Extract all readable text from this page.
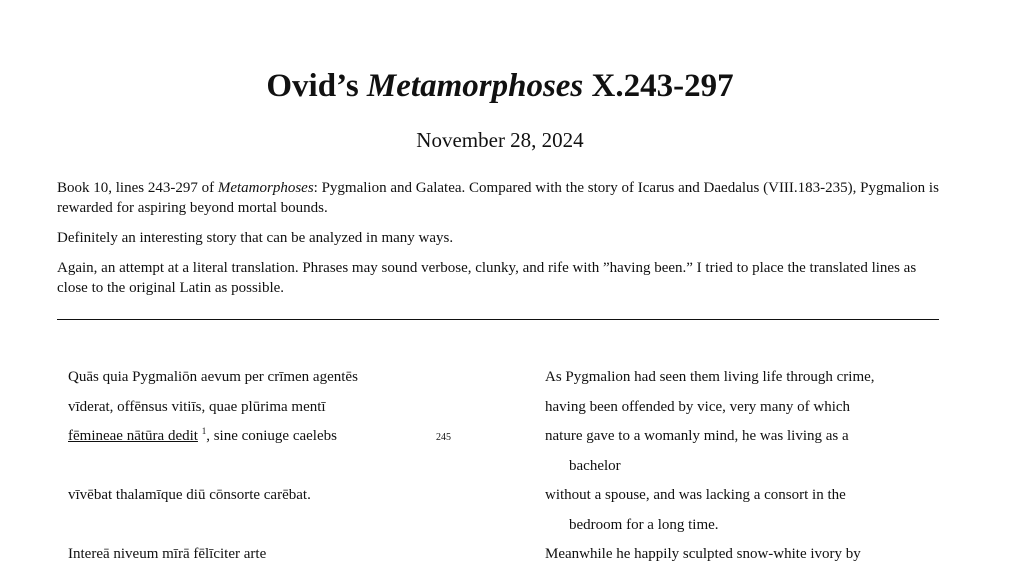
Ovid’s Metamorphoses X.243-297
November 28, 2024

Book 10, lines 243-297 of Metamorphoses: Pygmalion and Galatea. Compared with the story of Icarus and Daedalus (VIII.183-235), Pygmalion is rewarded for aspiring beyond mortal bounds.

Definitely an interesting story that can be analyzed in many ways.

Again, an attempt at a literal translation. Phrases may sound verbose, clunky, and rife with ”having been.” I tried to place the translated lines as close to the original Latin as possible.

Quās quia Pygmaliōn aevum per crīmen agentēs	As Pygmalion had seen them living life through crime,
vīderat, offēnsus vitiīs, quae plūrima mentī	having been offended by vice, very many of which
fēmineae nātūra dedit $^1$, sine coniuge caelebs	245	nature gave to a womanly mind, he was living as a
bachelor
vīvēbat thalamīque diū cōnsorte carēbat.	without a spouse, and was lacking a consort in the
bedroom for a long time.
Intereā niveum mīrā fēlīciter arte	Meanwhile he happily sculpted snow-white ivory by
